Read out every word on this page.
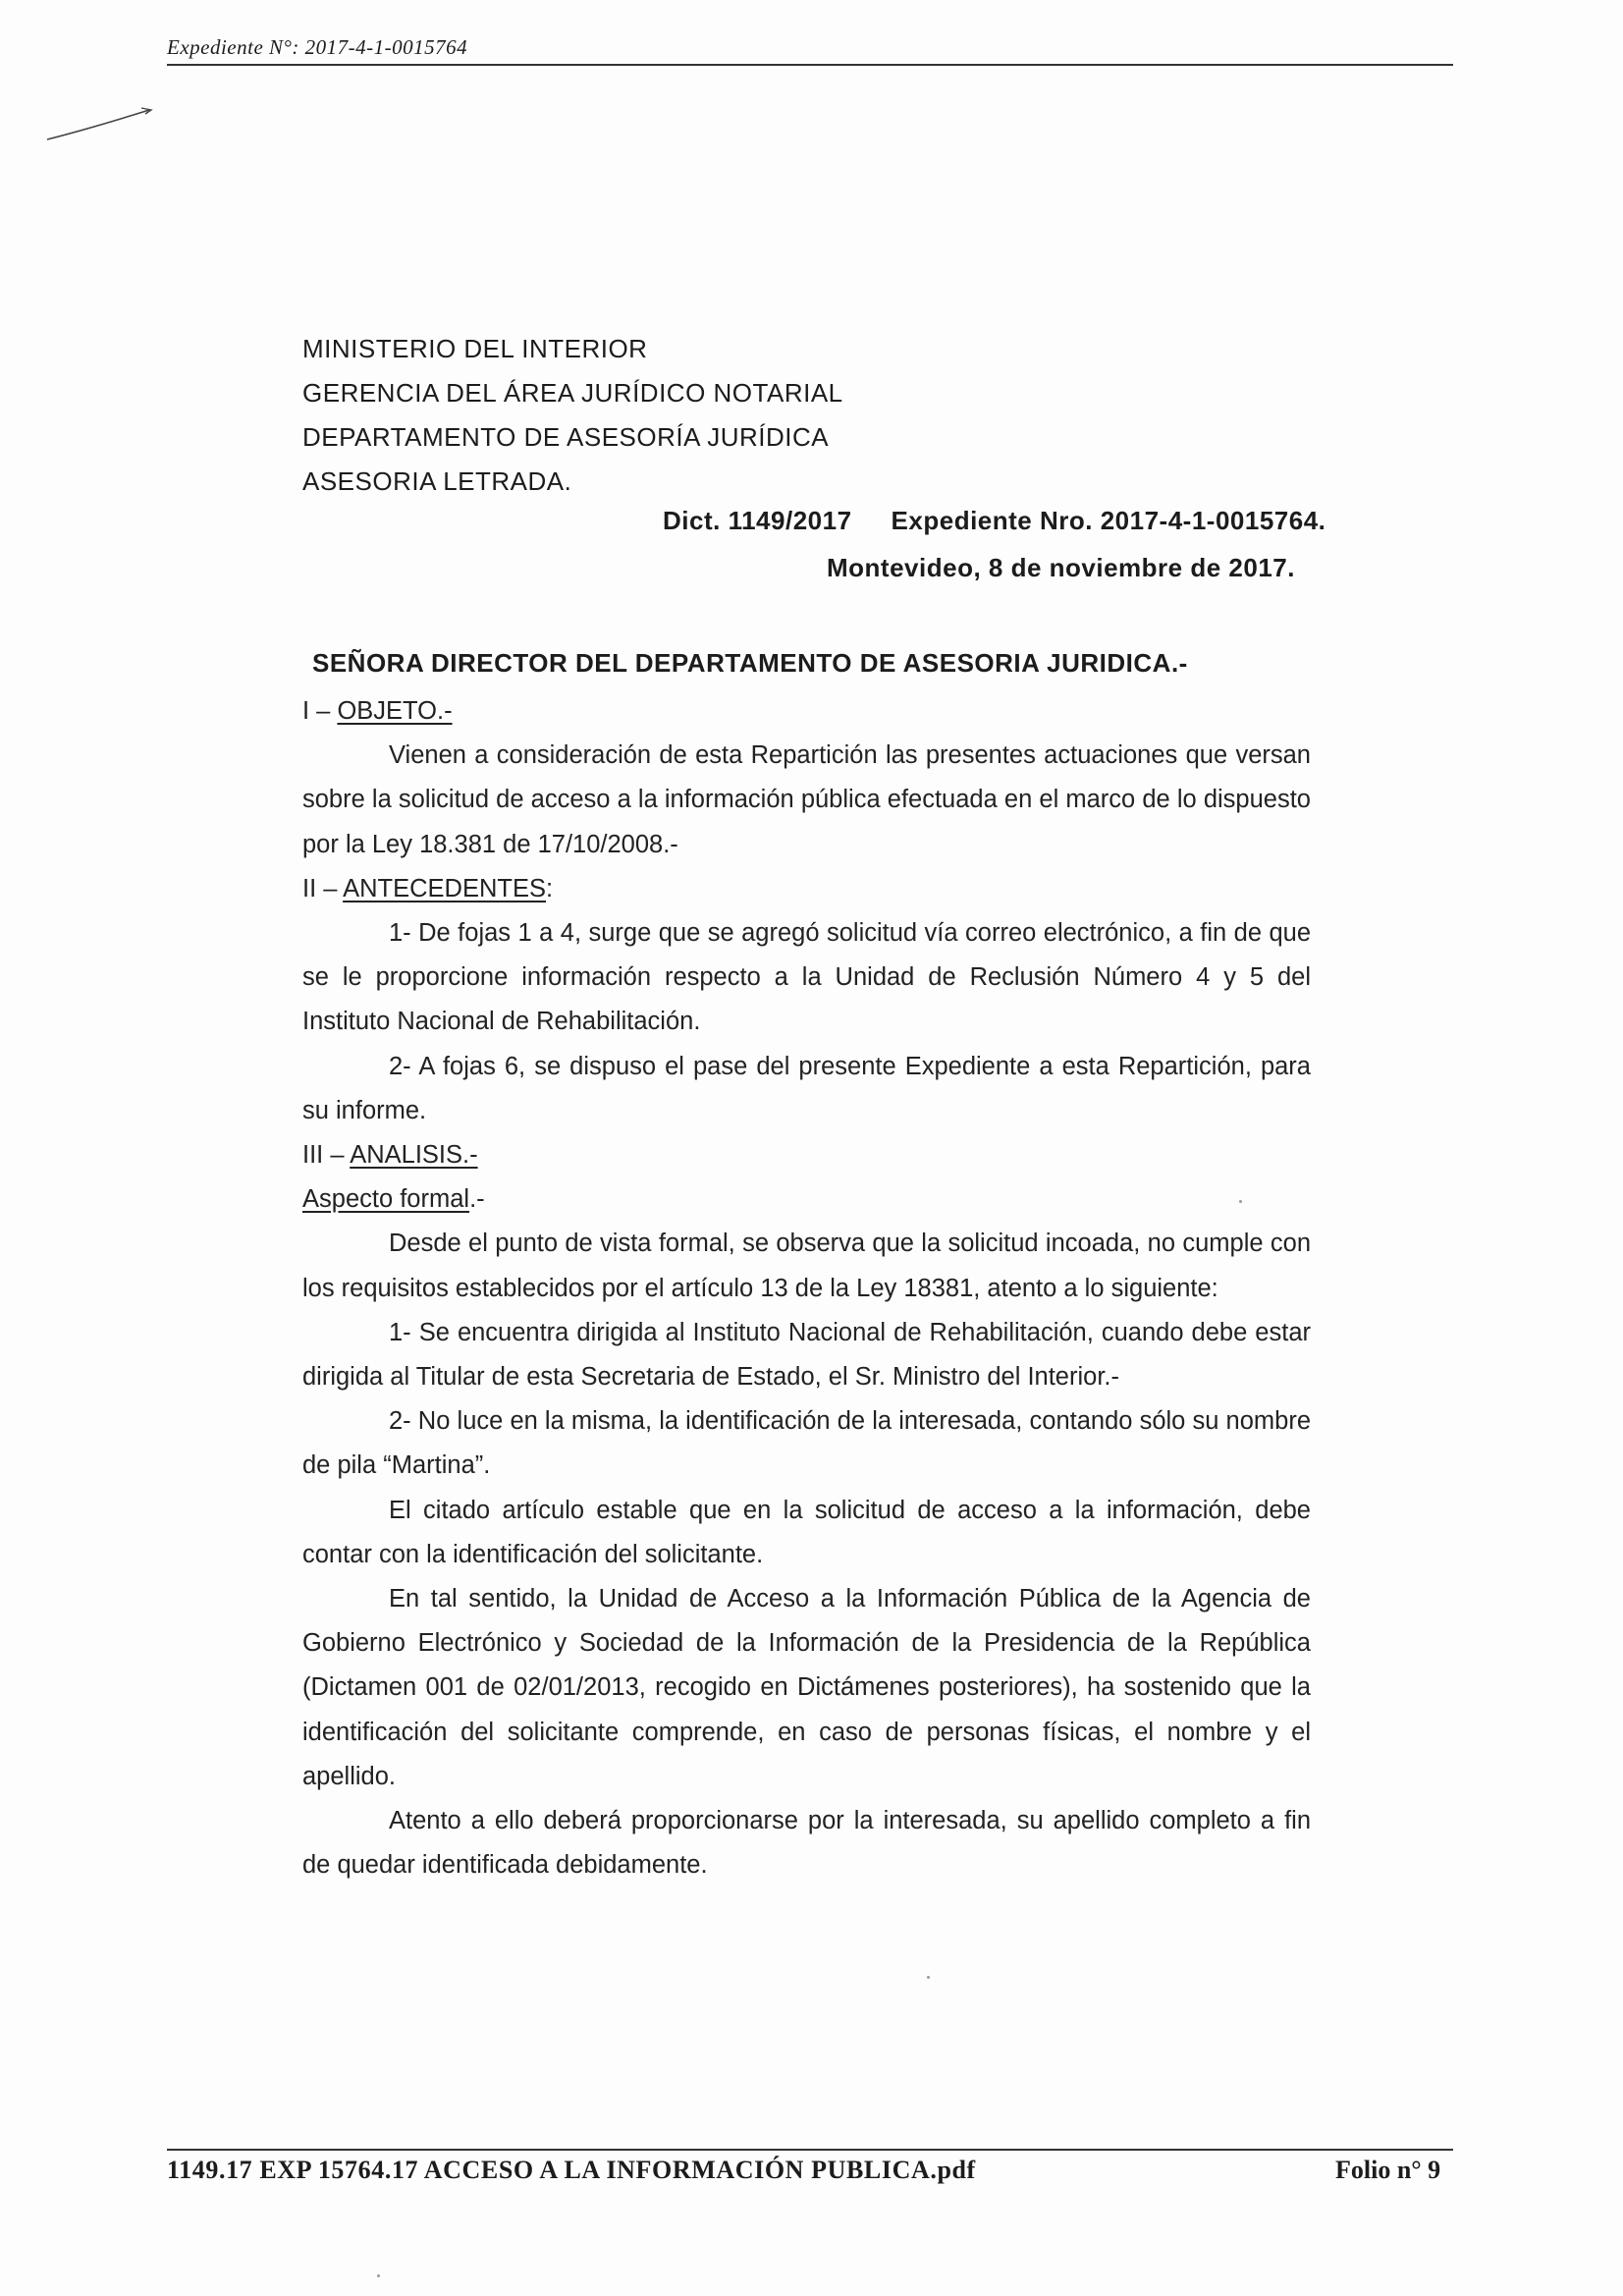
Expediente N°: 2017-4-1-0015764
MINISTERIO DEL INTERIOR
GERENCIA DEL ÁREA JURÍDICO NOTARIAL
DEPARTAMENTO DE ASESORÍA JURÍDICA
ASESORIA LETRADA.
Dict. 1149/2017 Expediente Nro. 2017-4-1-0015764.
Montevideo, 8 de noviembre de 2017.
SEÑORA DIRECTOR DEL DEPARTAMENTO DE ASESORIA JURIDICA.-

I – OBJETO.-

Vienen a consideración de esta Repartición las presentes actuaciones que versan sobre la solicitud de acceso a la información pública efectuada en el marco de lo dispuesto por la Ley 18.381 de 17/10/2008.-

II – ANTECEDENTES:

1- De fojas 1 a 4, surge que se agregó solicitud vía correo electrónico, a fin de que se le proporcione información respecto a la Unidad de Reclusión Número 4 y 5 del Instituto Nacional de Rehabilitación.

2- A fojas 6, se dispuso el pase del presente Expediente a esta Repartición, para su informe.

III – ANALISIS.-

Aspecto formal.-

Desde el punto de vista formal, se observa que la solicitud incoada, no cumple con los requisitos establecidos por el artículo 13 de la Ley 18381, atento a lo siguiente:

1- Se encuentra dirigida al Instituto Nacional de Rehabilitación, cuando debe estar dirigida al Titular de esta Secretaria de Estado, el Sr. Ministro del Interior.-

2- No luce en la misma, la identificación de la interesada, contando sólo su nombre de pila “Martina”.

El citado artículo estable que en la solicitud de acceso a la información, debe contar con la identificación del solicitante.

En tal sentido, la Unidad de Acceso a la Información Pública de la Agencia de Gobierno Electrónico y Sociedad de la Información de la Presidencia de la República (Dictamen 001 de 02/01/2013, recogido en Dictámenes posteriores), ha sostenido que la identificación del solicitante comprende, en caso de personas físicas, el nombre y el apellido.

Atento a ello deberá proporcionarse por la interesada, su apellido completo a fin de quedar identificada debidamente.

1149.17 EXP 15764.17 ACCESO A LA INFORMACIÓN PUBLICA.pdf	Folio n° 9
